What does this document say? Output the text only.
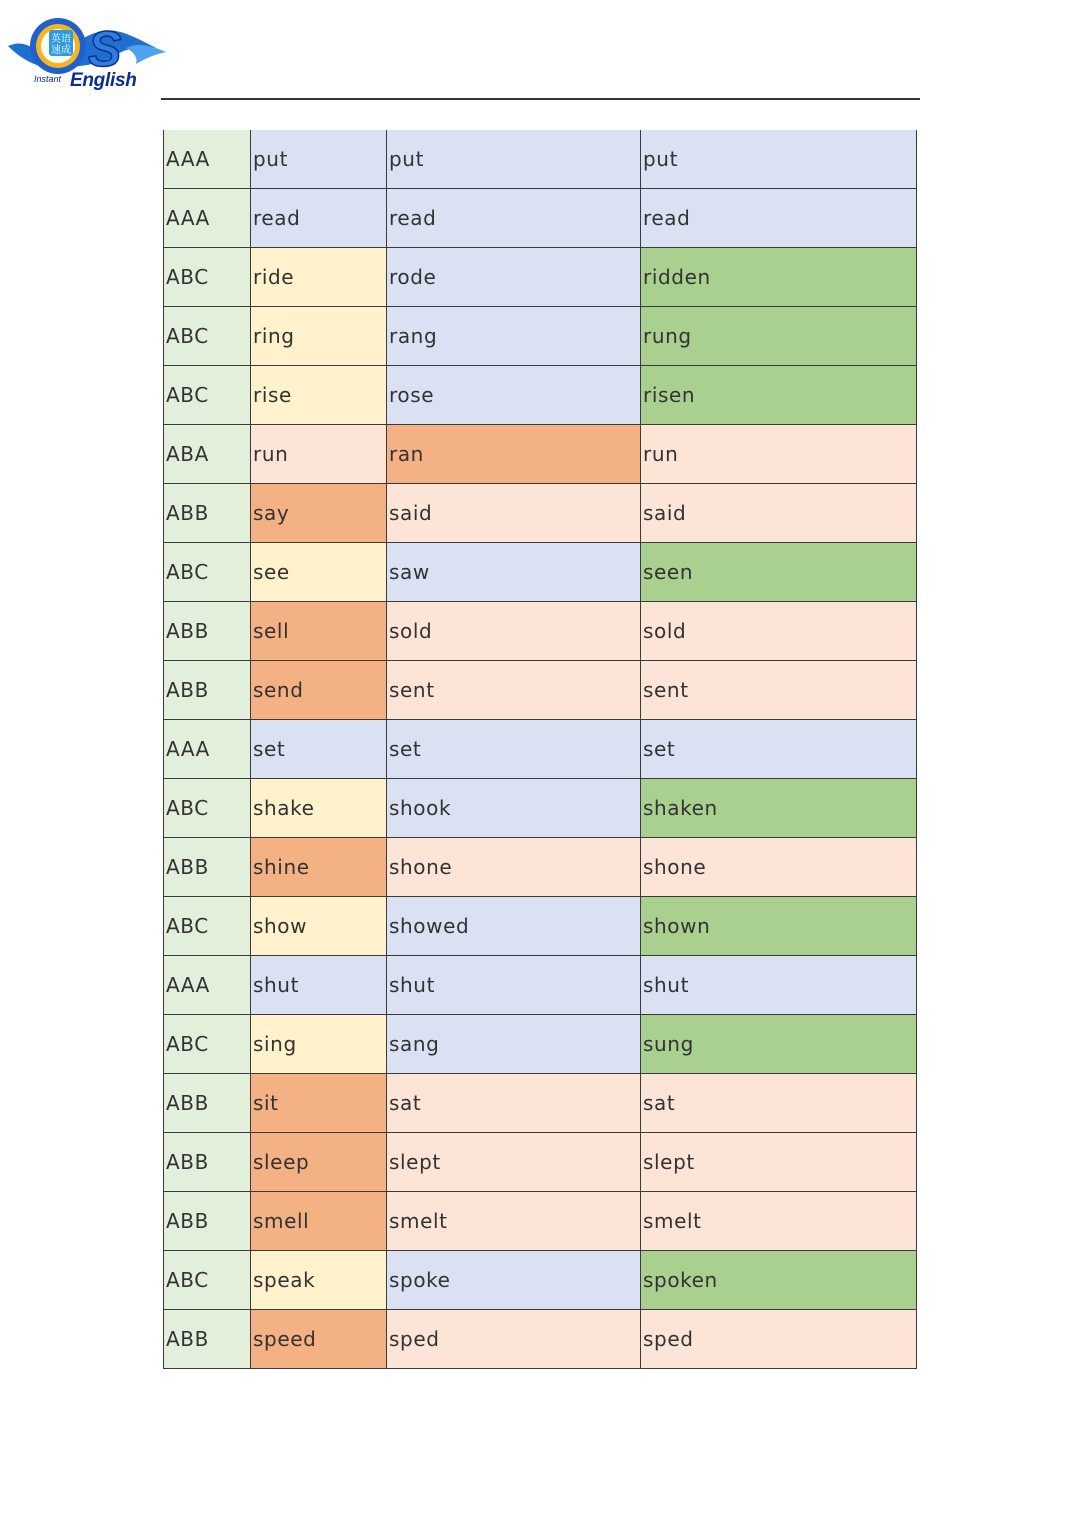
英语
速成 S
Instant English
AAA	put	put	put
AAA	read	read	read
ABC	ride	rode	ridden
ABC	ring	rang	rung
ABC	rise	rose	risen
ABA	run	ran	run
ABB	say	said	said
ABC	see	saw	seen
ABB	sell	sold	sold
ABB	send	sent	sent
AAA	set	set	set
ABC	shake	shook	shaken
ABB	shine	shone	shone
ABC	show	showed	shown
AAA	shut	shut	shut
ABC	sing	sang	sung
ABB	sit	sat	sat
ABB	sleep	slept	slept
ABB	smell	smelt	smelt
ABC	speak	spoke	spoken
ABB	speed	sped	sped
